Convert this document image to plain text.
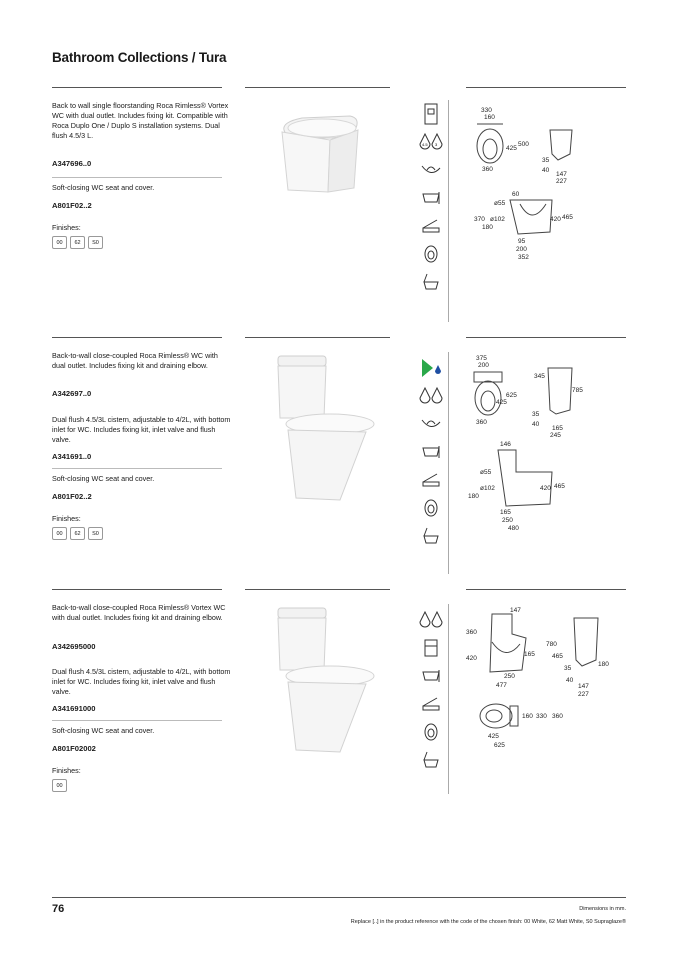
Bathroom Collections / Tura
Back to wall single floorstanding Roca Rimless® Vortex WC with dual outlet. Includes fixing kit. Compatible with Roca Duplo One / Duplo S installation systems. Dual flush 4.5/3 L.
A347696..0
Soft-closing WC seat and cover.
A801F02..2
Finishes:
00	62	S0
4.5 3
330
160
425
500
360
35
40
147
227
60
ø55
370 ø102
180
420 465
95
200
352
Back-to-wall close-coupled Roca Rimless® WC with dual outlet. Includes fixing kit and draining elbow.
A342697..0
Dual flush 4.5/3L cistern, adjustable to 4/2L, with bottom inlet for WC. Includes fixing kit, inlet valve and flush valve.
A341691..0
Soft-closing WC seat and cover.
A801F02..2
Finishes:
00	62	S0
375
200
345
625
425
360
785
35
40
165
245
146
ø55
ø102
180
420 465
165
250
480
Back-to-wall close-coupled Roca Rimless® Vortex WC with dual outlet. Includes fixing kit and draining elbow.
A342695000
Dual flush 4.5/3L cistern, adjustable to 4/2L, with bottom inlet for WC. Includes fixing kit, inlet valve and flush valve.
A341691000
Soft-closing WC seat and cover.
A801F02002
Finishes:
00
147
360
420
165
250
477
780
465
35
180
40
147
227
160 330 360
425
625
76	Dimensions in mm.
Replace [..] in the product reference with the code of the chosen finish: 00 White, 62 Matt White, S0 Supraglaze®
